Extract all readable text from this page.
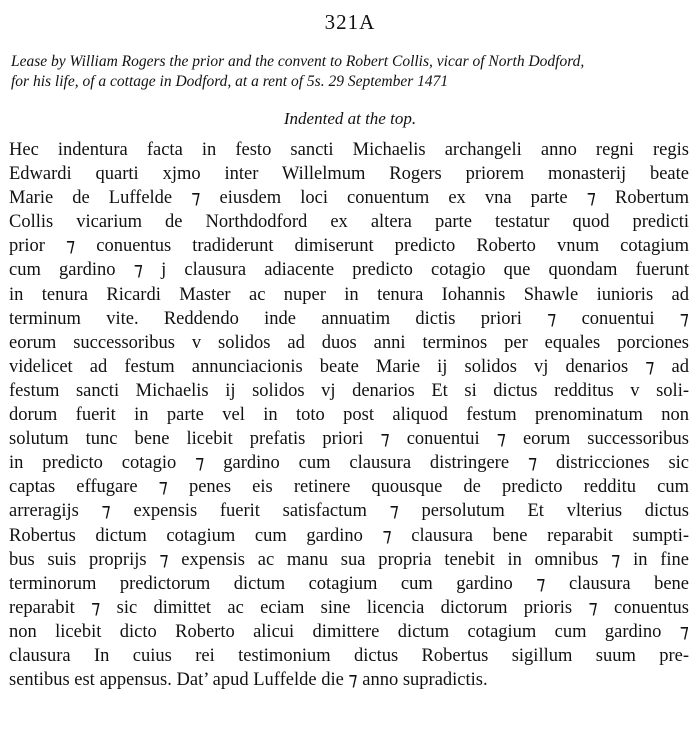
321A
Lease by William Rogers the prior and the convent to Robert Collis, vicar of North Dodford,
for his life, of a cottage in Dodford, at a rent of 5s. 29 September 1471
Indented at the top.
Hec indentura facta in festo sancti Michaelis archangeli anno regni regis
Edwardi quarti xjmo inter Willelmum Rogers priorem monasterij beate
Marie de Luffelde ⁊ eiusdem loci conuentum ex vna parte ⁊ Robertum
Collis vicarium de Northdodford ex altera parte testatur quod predicti
prior ⁊ conuentus tradiderunt dimiserunt predicto Roberto vnum cotagium
cum gardino ⁊ j clausura adiacente predicto cotagio que quondam fuerunt
in tenura Ricardi Master ac nuper in tenura Iohannis Shawle iunioris ad
terminum vite. Reddendo inde annuatim dictis priori ⁊ conuentui ⁊
eorum successoribus v solidos ad duos anni terminos per equales porciones
videlicet ad festum annunciacionis beate Marie ij solidos vj denarios ⁊ ad
festum sancti Michaelis ij solidos vj denarios Et si dictus redditus v soli-
dorum fuerit in parte vel in toto post aliquod festum prenominatum non
solutum tunc bene licebit prefatis priori ⁊ conuentui ⁊ eorum successoribus
in predicto cotagio ⁊ gardino cum clausura distringere ⁊ districciones sic
captas effugare ⁊ penes eis retinere quousque de predicto redditu cum
arreragijs ⁊ expensis fuerit satisfactum ⁊ persolutum Et vlterius dictus
Robertus dictum cotagium cum gardino ⁊ clausura bene reparabit sumpti-
bus suis proprijs ⁊ expensis ac manu sua propria tenebit in omnibus ⁊ in fine
terminorum predictorum dictum cotagium cum gardino ⁊ clausura bene
reparabit ⁊ sic dimittet ac eciam sine licencia dictorum prioris ⁊ conuentus
non licebit dicto Roberto alicui dimittere dictum cotagium cum gardino ⁊
clausura In cuius rei testimonium dictus Robertus sigillum suum pre-
sentibus est appensus. Dat’ apud Luffelde die ⁊ anno supradictis.
